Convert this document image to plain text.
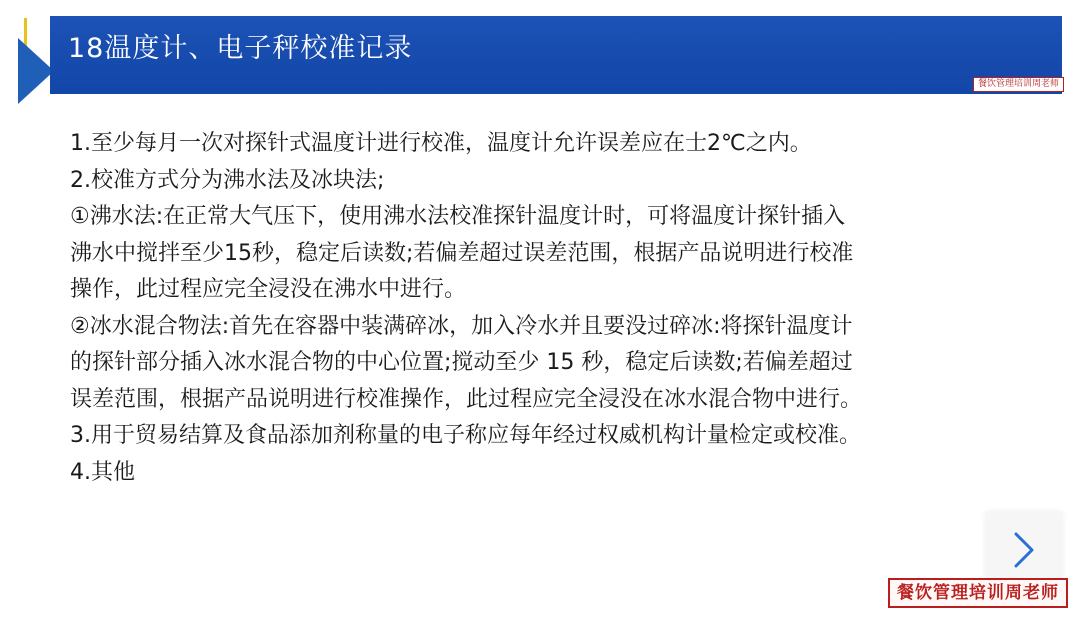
18温度计、电子秤校准记录
餐饮管理培训周老师
1.至少每月一次对探针式温度计进行校准，温度计允许误差应在士2℃之内。
2.校准方式分为沸水法及冰块法;
①沸水法:在正常大气压下，使用沸水法校准探针温度计时，可将温度计探针插入
沸水中搅拌至少15秒，稳定后读数;若偏差超过误差范围，根据产品说明进行校准
操作，此过程应完全浸没在沸水中进行。
②冰水混合物法:首先在容器中装满碎冰，加入冷水并且要没过碎冰:将探针温度计
的探针部分插入冰水混合物的中心位置;搅动至少 15 秒，稳定后读数;若偏差超过
误差范围，根据产品说明进行校准操作，此过程应完全浸没在冰水混合物中进行。
3.用于贸易结算及食品添加剂称量的电子称应每年经过权威机构计量检定或校准。
4.其他
餐饮管理培训周老师
